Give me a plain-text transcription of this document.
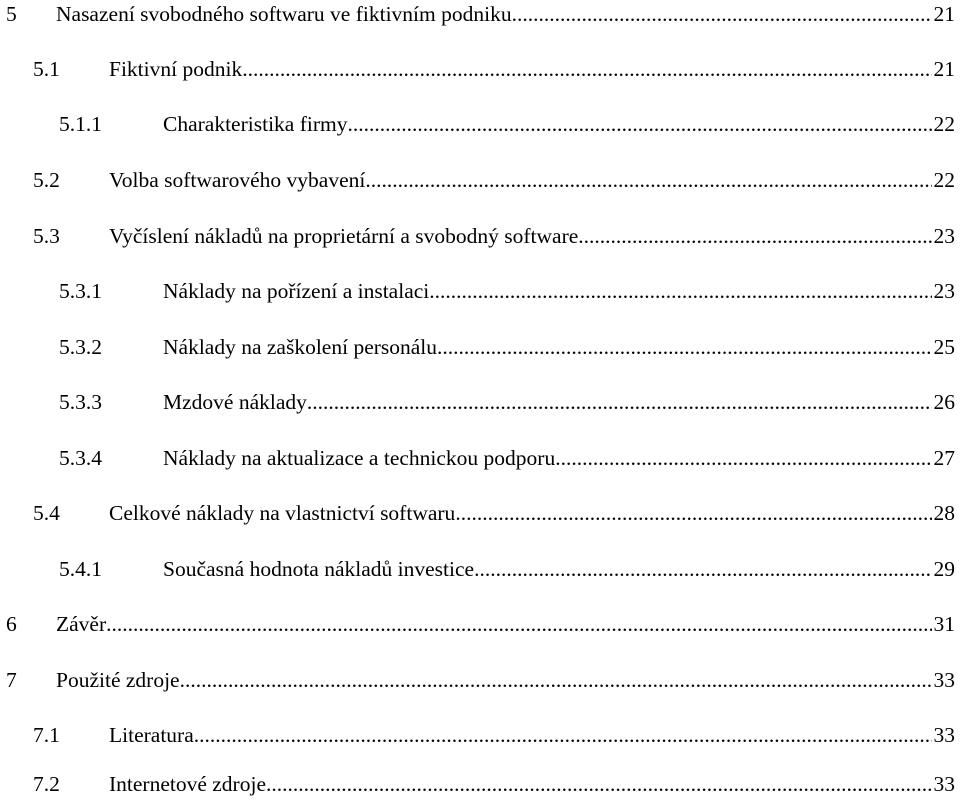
5 Nasazení svobodného softwaru ve fiktivním podniku .....	21
5.1 Fiktivní podnik .....	21
5.1.1	Charakteristika firmy .....	22
5.2 Volba softwarového vybavení .....	22
5.3 Vyčíslení nákladů na proprietární a svobodný software .....	23
5.3.1	Náklady na pořízení a instalaci .....	23
5.3.2	Náklady na zaškolení personálu .....	25
5.3.3	Mzdové náklady .....	26
5.3.4	Náklady na aktualizace a technickou podporu .....	27
5.4 Celkové náklady na vlastnictví softwaru .....	28
5.4.1	Současná hodnota nákladů investice .....	29
6 Závěr .....	31
7 Použité zdroje .....	33
7.1 Literatura .....	33
7.2 Internetové zdroje .....	33
